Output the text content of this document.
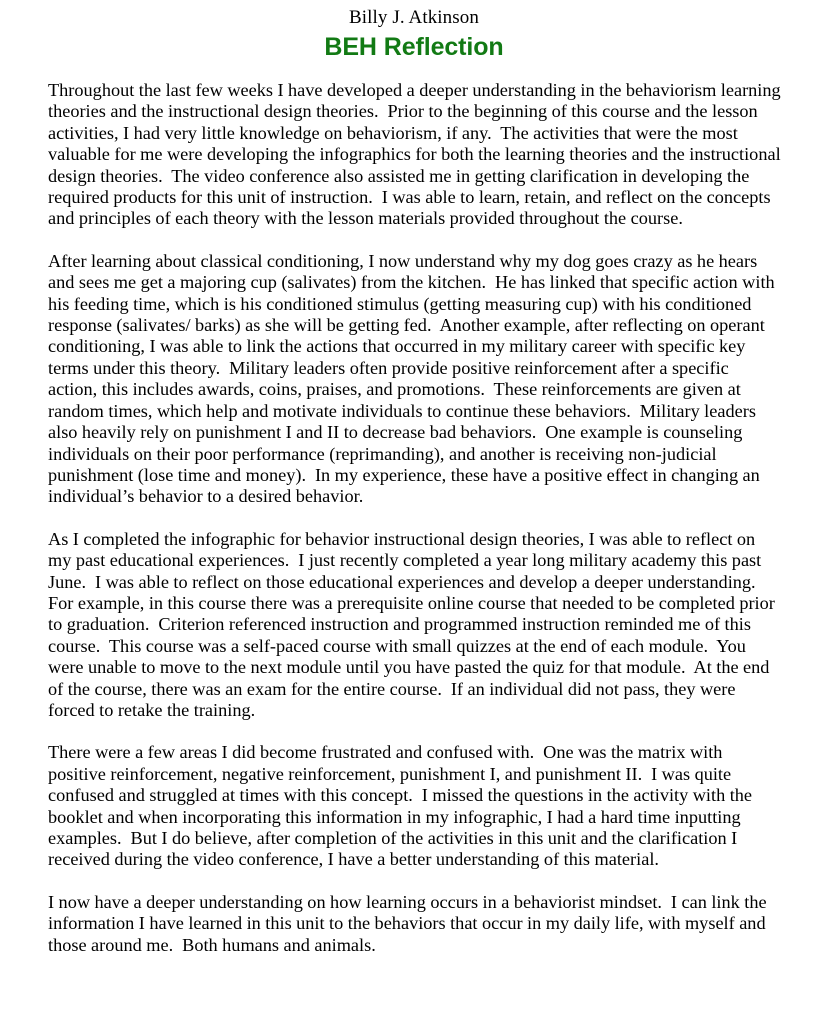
Billy J. Atkinson
BEH Reflection

Throughout the last few weeks I have developed a deeper understanding in the behaviorism learning theories and the instructional design theories.  Prior to the beginning of this course and the lesson activities, I had very little knowledge on behaviorism, if any.  The activities that were the most valuable for me were developing the infographics for both the learning theories and the instructional design theories.  The video conference also assisted me in getting clarification in developing the required products for this unit of instruction.  I was able to learn, retain, and reflect on the concepts and principles of each theory with the lesson materials provided throughout the course.

After learning about classical conditioning, I now understand why my dog goes crazy as he hears and sees me get a majoring cup (salivates) from the kitchen.  He has linked that specific action with his feeding time, which is his conditioned stimulus (getting measuring cup) with his conditioned response (salivates/ barks) as she will be getting fed.  Another example, after reflecting on operant conditioning, I was able to link the actions that occurred in my military career with specific key terms under this theory.  Military leaders often provide positive reinforcement after a specific action, this includes awards, coins, praises, and promotions.  These reinforcements are given at random times, which help and motivate individuals to continue these behaviors.  Military leaders also heavily rely on punishment I and II to decrease bad behaviors.  One example is counseling individuals on their poor performance (reprimanding), and another is receiving non-judicial punishment (lose time and money).  In my experience, these have a positive effect in changing an individual’s behavior to a desired behavior.

As I completed the infographic for behavior instructional design theories, I was able to reflect on my past educational experiences.  I just recently completed a year long military academy this past June.  I was able to reflect on those educational experiences and develop a deeper understanding.  For example, in this course there was a prerequisite online course that needed to be completed prior to graduation.  Criterion referenced instruction and programmed instruction reminded me of this course.  This course was a self-paced course with small quizzes at the end of each module.  You were unable to move to the next module until you have pasted the quiz for that module.  At the end of the course, there was an exam for the entire course.  If an individual did not pass, they were forced to retake the training.

There were a few areas I did become frustrated and confused with.  One was the matrix with positive reinforcement, negative reinforcement, punishment I, and punishment II.  I was quite confused and struggled at times with this concept.  I missed the questions in the activity with the booklet and when incorporating this information in my infographic, I had a hard time inputting examples.  But I do believe, after completion of the activities in this unit and the clarification I received during the video conference, I have a better understanding of this material.

I now have a deeper understanding on how learning occurs in a behaviorist mindset.  I can link the information I have learned in this unit to the behaviors that occur in my daily life, with myself and those around me.  Both humans and animals.
